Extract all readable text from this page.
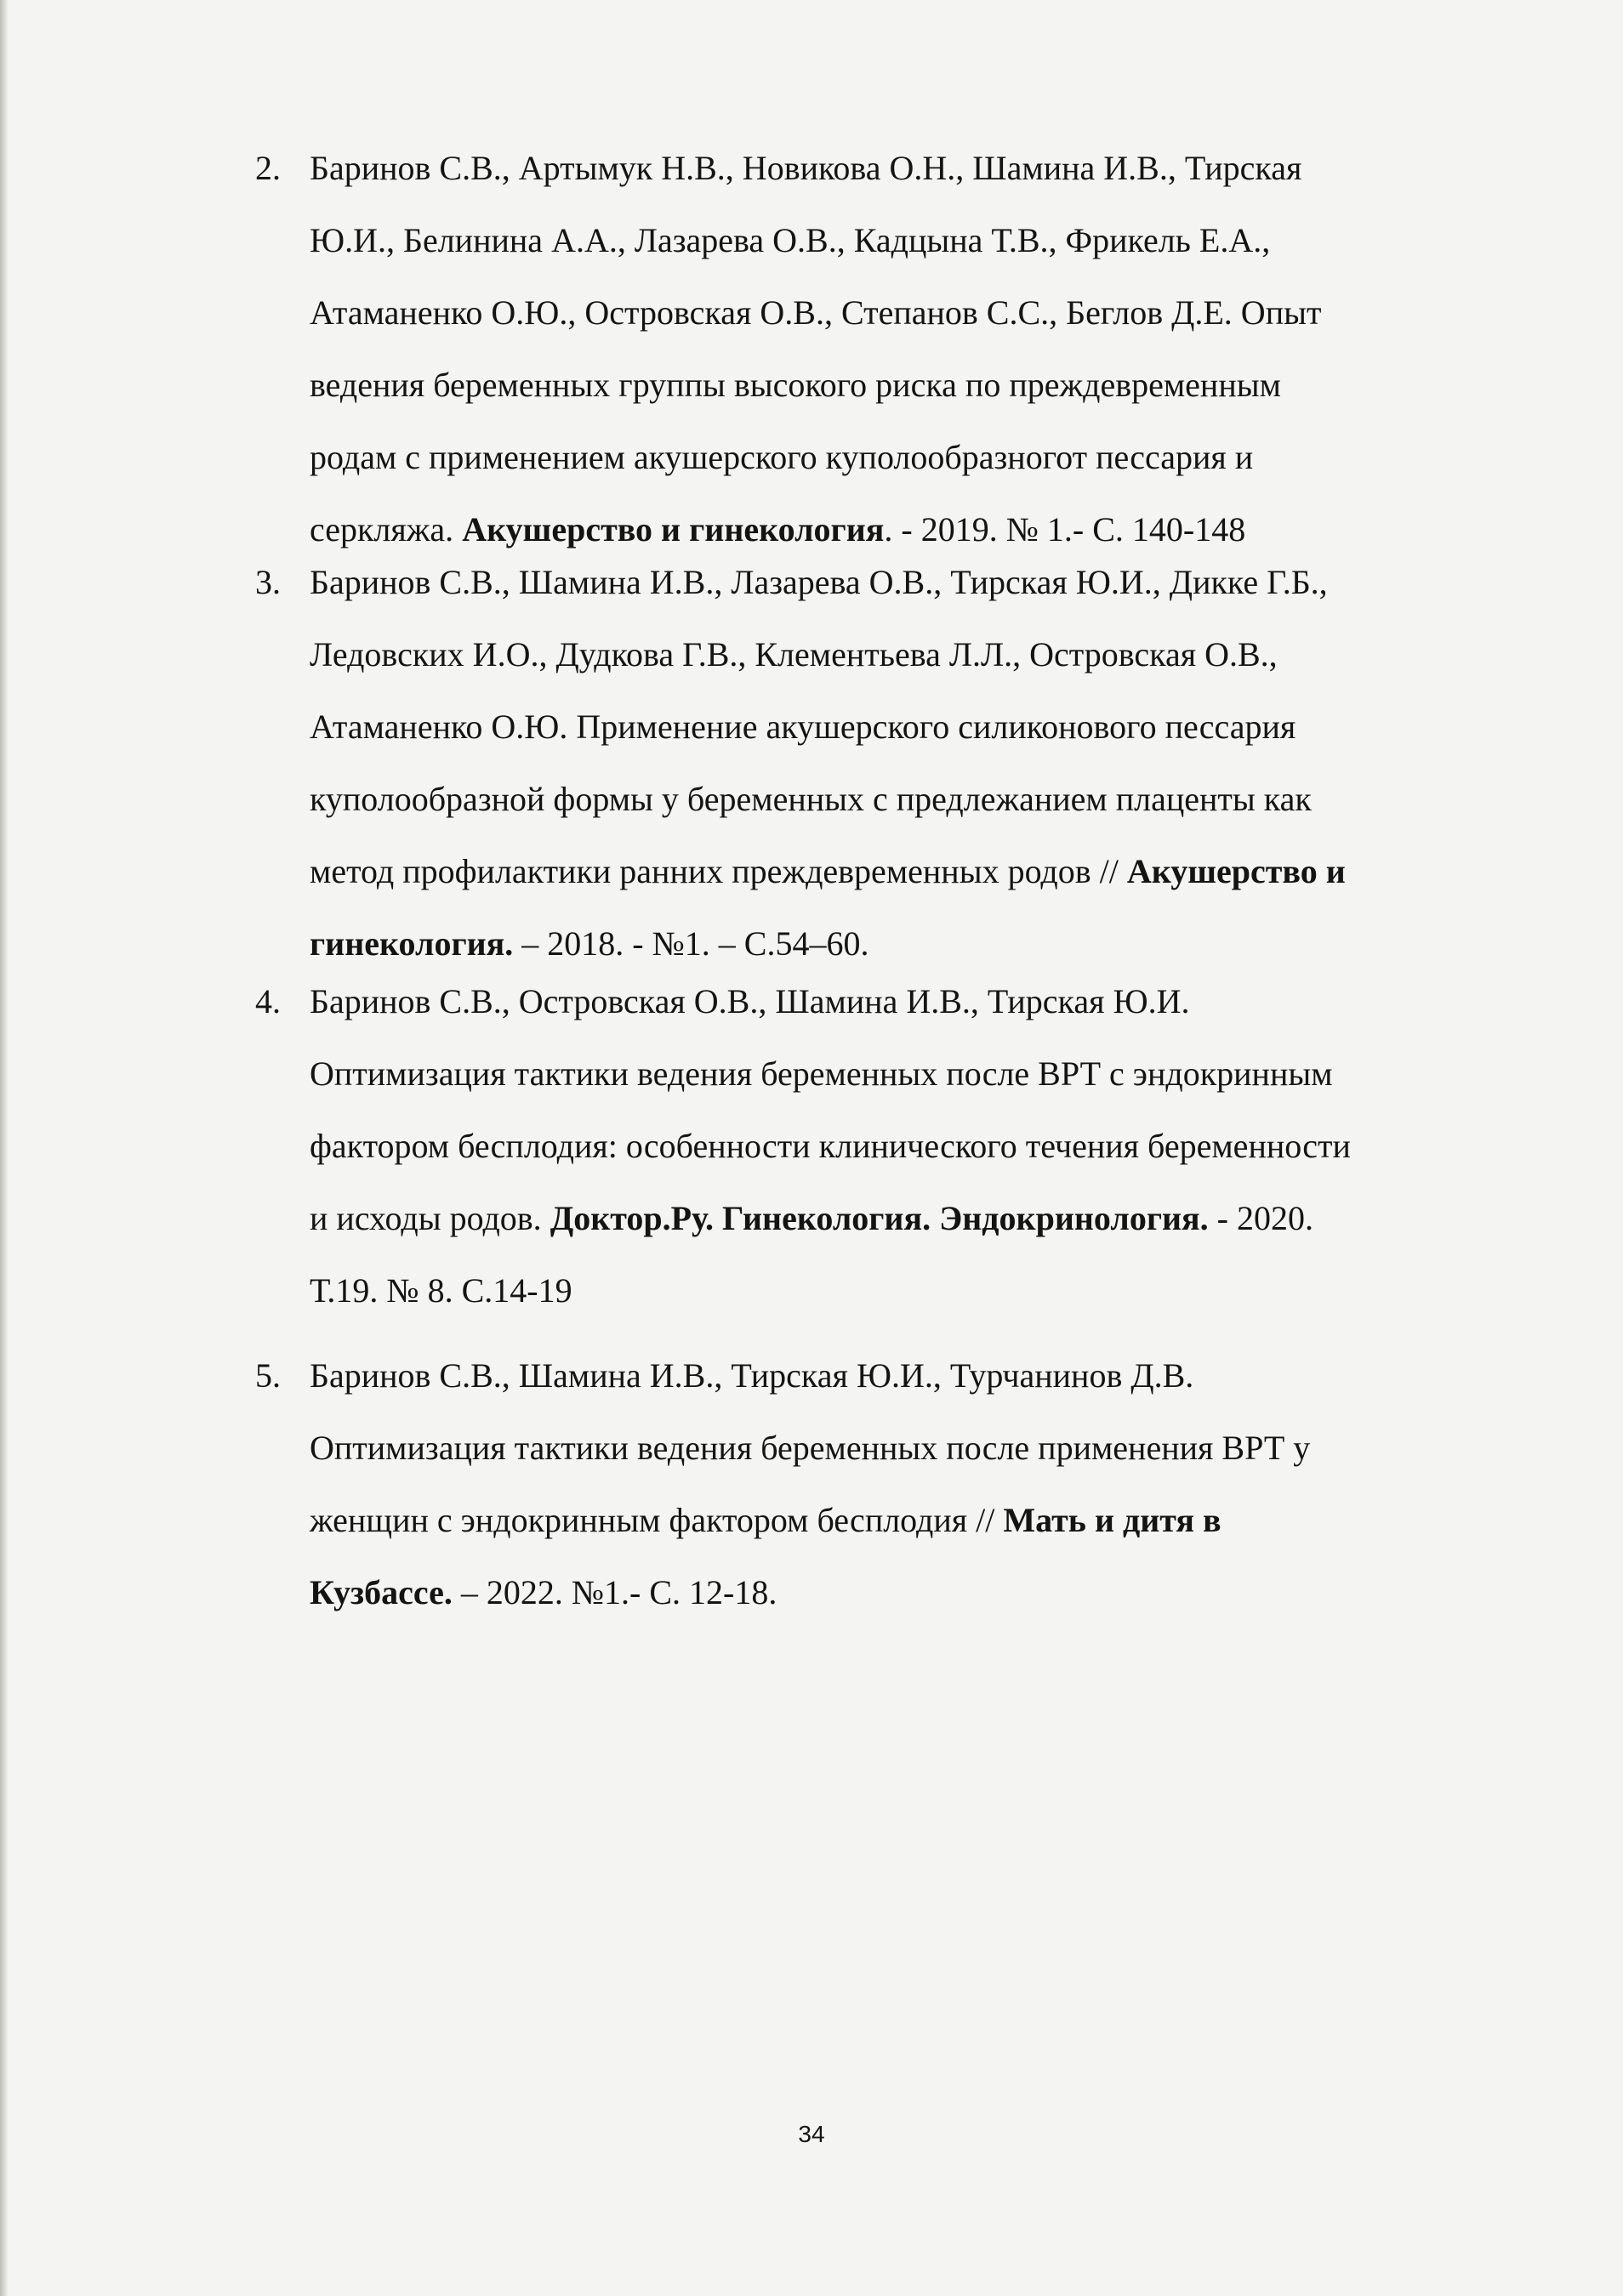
2. Баринов С.В., Артымук Н.В., Новикова О.Н., Шамина И.В., Тирская
Ю.И., Белинина А.А., Лазарева О.В., Кадцына Т.В., Фрикель Е.А.,
Атаманенко О.Ю., Островская О.В., Степанов С.С., Беглов Д.Е. Опыт
ведения беременных группы высокого риска по преждевременным
родам с применением акушерского куполообразногот пессария и
серкляжа. Акушерство и гинекология. - 2019. № 1.- С. 140-148
3. Баринов С.В., Шамина И.В., Лазарева О.В., Тирская Ю.И., Дикке Г.Б.,
Ледовских И.О., Дудкова Г.В., Клементьева Л.Л., Островская О.В.,
Атаманенко О.Ю. Применение акушерского силиконового пессария
куполообразной формы у беременных с предлежанием плаценты как
метод профилактики ранних преждевременных родов // Акушерство и
гинекология. – 2018. - №1. – С.54–60.
4. Баринов С.В., Островская О.В., Шамина И.В., Тирская Ю.И.
Оптимизация тактики ведения беременных после ВРТ с эндокринным
фактором бесплодия: особенности клинического течения беременности
и исходы родов. Доктор.Ру. Гинекология. Эндокринология. - 2020.
Т.19. № 8. С.14-19
5. Баринов С.В., Шамина И.В., Тирская Ю.И., Турчанинов Д.В.
Оптимизация тактики ведения беременных после применения ВРТ у
женщин с эндокринным фактором бесплодия // Мать и дитя в
Кузбассе. – 2022. №1.- С. 12-18.
34
